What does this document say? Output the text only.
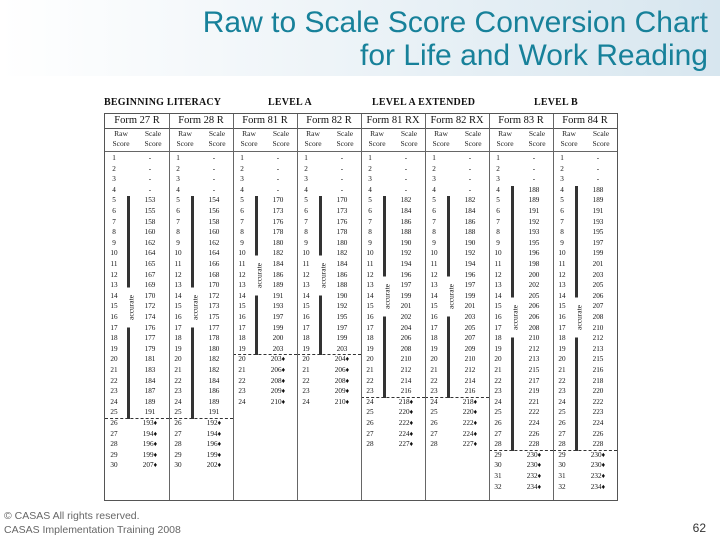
Raw to Scale Score Conversion Chart
for Life and Work Reading
BEGINNING LITERACY	LEVEL A	LEVEL A EXTENDED	LEVEL B
Form 27 R
Raw Score
Scale Score
1	-
2	-
3	-
4	-
5	153
6	155
7	158
8	160
9	162
10	164
11	165
12	167
13	169
14	170
15	172
16	174
17	176
18	177
19	179
20	181
21	183
22	184
23	187
24	189
25	191
26	193♦
27	194♦
28	196♦
29	199♦
30	207♦
accurate
Form 28 R
Raw Score
Scale Score
1	-
2	-
3	-
4	-
5	154
6	156
7	158
8	160
9	162
10	164
11	166
12	168
13	170
14	172
15	173
16	175
17	177
18	178
19	180
20	182
21	182
22	184
23	186
24	189
25	191
26	192♦
27	194♦
28	196♦
29	199♦
30	202♦
accurate
Form 81 R
Raw Score
Scale Score
1	-
2	-
3	-
4	-
5	170
6	173
7	176
8	178
9	180
10	182
11	184
12	186
13	189
14	191
15	193
16	197
17	199
18	200
19	203
20	203♦
21	206♦
22	208♦
23	209♦
24	210♦
accurate
Form 82 R
Raw Score
Scale Score
1	-
2	-
3	-
4	-
5	170
6	173
7	176
8	178
9	180
10	182
11	184
12	186
13	188
14	190
15	192
16	195
17	197
18	199
19	203
20	204♦
21	206♦
22	208♦
23	209♦
24	210♦
accurate
Form 81 RX
Raw Score
Scale Score
1	-
2	-
3	-
4	-
5	182
6	184
7	186
8	188
9	190
10	192
11	194
12	196
13	197
14	199
15	201
16	202
17	204
18	206
19	208
20	210
21	212
22	214
23	216
24	218♦
25	220♦
26	222♦
27	224♦
28	227♦
accurate
Form 82 RX
Raw Score
Scale Score
1	-
2	-
3	-
4	-
5	182
6	184
7	186
8	188
9	190
10	192
11	194
12	196
13	197
14	199
15	201
16	203
17	205
18	207
19	209
20	210
21	212
22	214
23	216
24	218♦
25	220♦
26	222♦
27	224♦
28	227♦
accurate
Form 83 R
Raw Score
Scale Score
1	-
2	-
3	-
4	188
5	189
6	191
7	192
8	193
9	195
10	196
11	198
12	200
13	202
14	205
15	206
16	206
17	208
18	210
19	212
20	213
21	215
22	217
23	219
24	221
25	222
26	224
27	226
28	228
29	230♦
30	230♦
31	232♦
32	234♦
accurate
Form 84 R
Raw Score
Scale Score
1	-
2	-
3	-
4	188
5	189
6	191
7	193
8	195
9	197
10	199
11	201
12	203
13	205
14	206
15	207
16	208
17	210
18	212
19	213
20	215
21	216
22	218
23	220
24	222
25	223
26	224
27	226
28	228
29	230♦
30	230♦
31	232♦
32	234♦
accurate
© CASAS All rights reserved.
CASAS Implementation Training 2008	62
